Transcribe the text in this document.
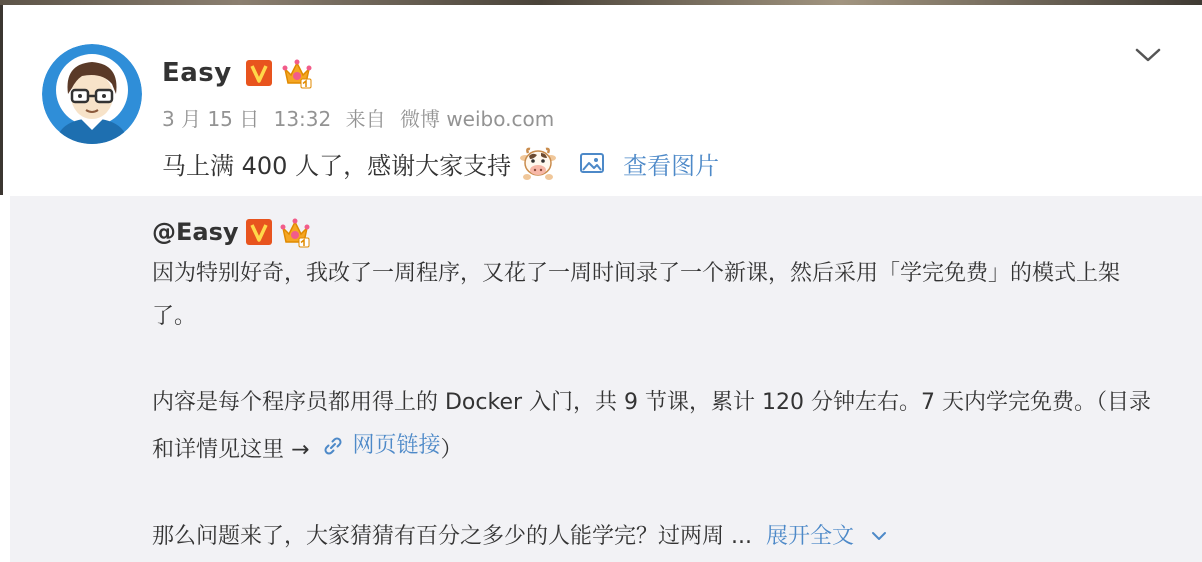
Easy
3 月 15 日 13:32 来自 微博 weibo.com
马上满 400 人了，感谢大家支持	查看图片
@Easy

因为特别好奇，我改了一周程序，又花了一周时间录了一个新课，然后采用「学完免费」的模式上架了。

内容是每个程序员都用得上的 Docker 入门，共 9 节课，累计 120 分钟左右。7 天内学完免费。（目录和详情见这里 → 网页链接 ）

那么问题来了，大家猜猜有百分之多少的人能学完？过两周 ... 展开全文
